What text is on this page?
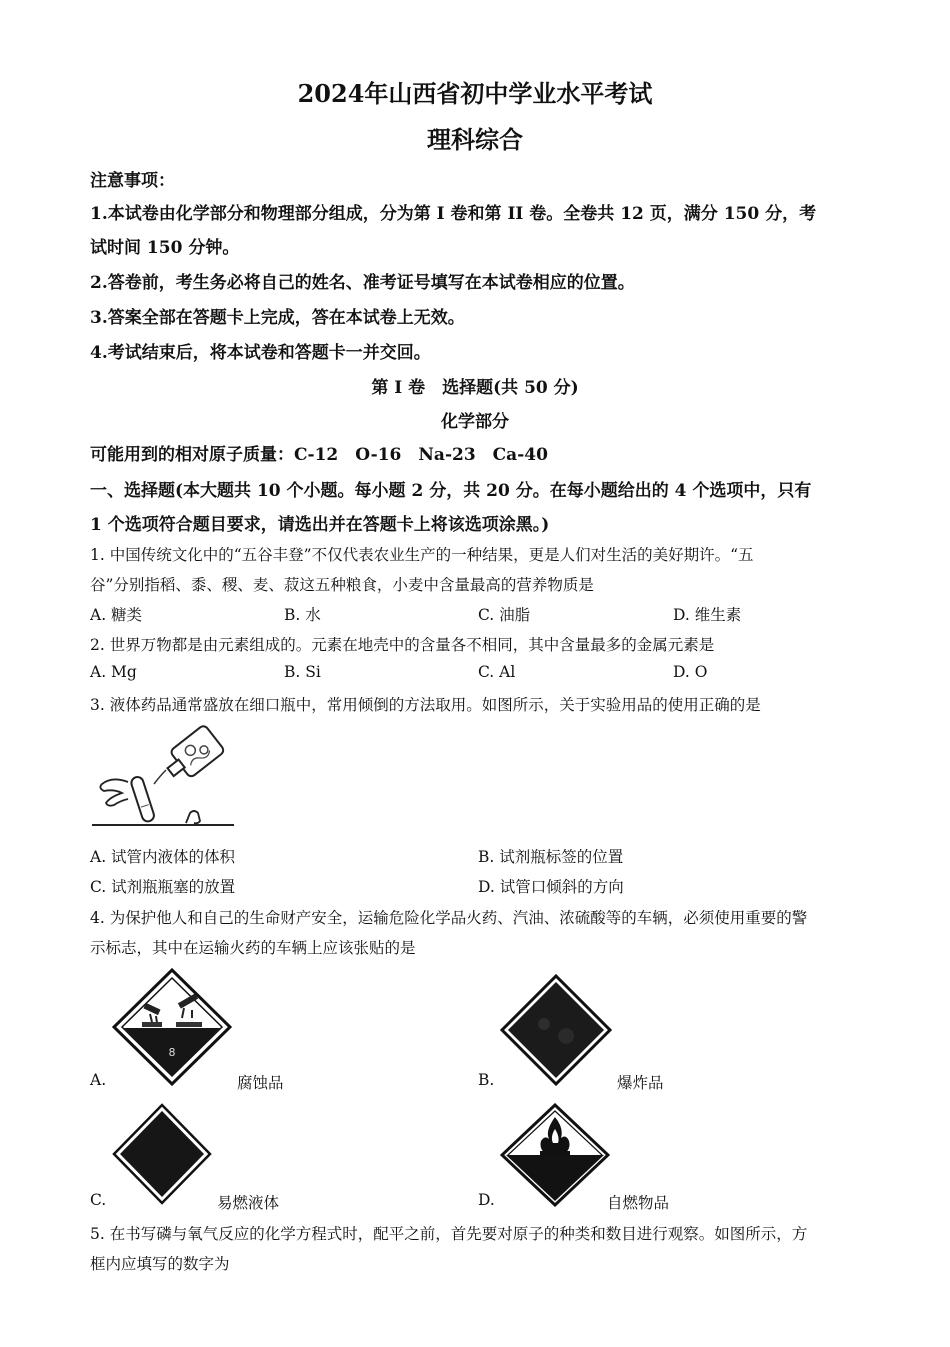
2024年山西省初中学业水平考试
理科综合
注意事项：
1.本试卷由化学部分和物理部分组成，分为第 I 卷和第 II 卷。全卷共 12 页，满分 150 分，考
试时间 150 分钟。
2.答卷前，考生务必将自己的姓名、准考证号填写在本试卷相应的位置。
3.答案全部在答题卡上完成，答在本试卷上无效。
4.考试结束后，将本试卷和答题卡一并交回。
第 I 卷　选择题(共 50 分)
化学部分
可能用到的相对原子质量：C-12　O-16　Na-23　Ca-40
一、选择题(本大题共 10 个小题。每小题 2 分，共 20 分。在每小题给出的 4 个选项中，只有
1 个选项符合题目要求，请选出并在答题卡上将该选项涂黑。)
1. 中国传统文化中的“五谷丰登”不仅代表农业生产的一种结果，更是人们对生活的美好期许。“五
谷”分别指稻、黍、稷、麦、菽这五种粮食，小麦中含量最高的营养物质是
A. 糖类	B. 水	C. 油脂	D. 维生素
2. 世界万物都是由元素组成的。元素在地壳中的含量各不相同，其中含量最多的金属元素是
A. Mg	B. Si	C. Al	D. O
3. 液体药品通常盛放在细口瓶中，常用倾倒的方法取用。如图所示，关于实验用品的使用正确的是
A. 试管内液体的体积	B. 试剂瓶标签的位置
C. 试剂瓶瓶塞的放置	D. 试管口倾斜的方向
4. 为保护他人和自己的生命财产安全，运输危险化学品火药、汽油、浓硫酸等的车辆，必须使用重要的警
示标志，其中在运输火药的车辆上应该张贴的是
8
A.	腐蚀品	B.	爆炸品
C.	易燃液体	D.	自燃物品
5. 在书写磷与氧气反应的化学方程式时，配平之前，首先要对原子的种类和数目进行观察。如图所示，方
框内应填写的数字为
